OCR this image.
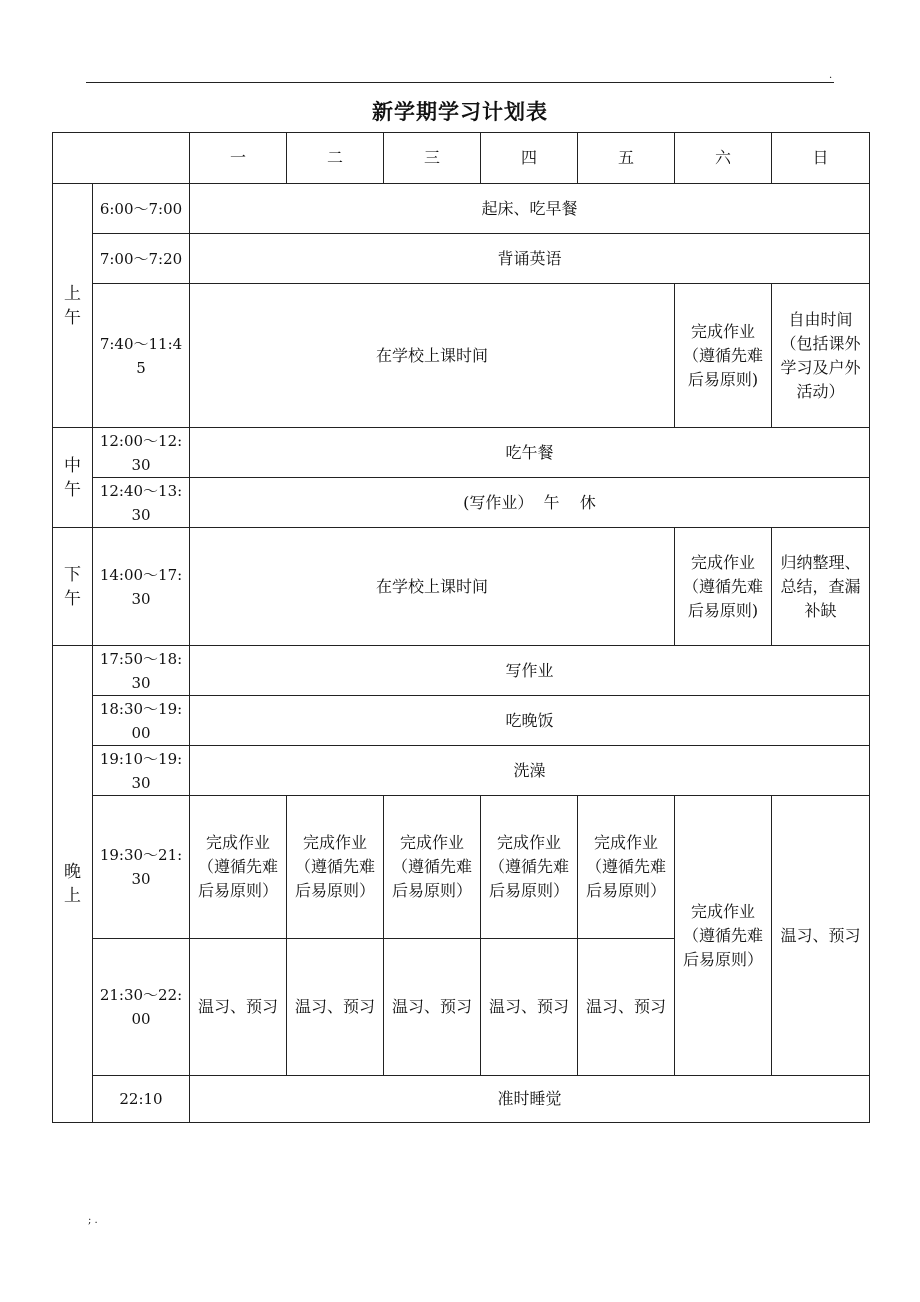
.
新学期学习计划表
		一	二	三	四	五	六	日
上午	6:00～7:00	起床、吃早餐						
	7:00～7:20	背诵英语						
	7:40～11:45	在学校上课时间					完成作业（遵循先难后易原则)	自由时间（包括课外学习及户外活动）
中午	12:00～12:30	吃午餐						
	12:40～13:30	(写作业）  午    休						
下午	14:00～17:30	在学校上课时间					完成作业（遵循先难后易原则)	归纳整理、总结，查漏补缺
晚上	17:50～18:30	写作业						
	18:30～19:00	吃晚饭						
	19:10～19:30	洗澡						
	19:30～21:30	完成作业（遵循先难后易原则）	完成作业（遵循先难后易原则）	完成作业（遵循先难后易原则）	完成作业（遵循先难后易原则）	完成作业（遵循先难后易原则）	完成作业（遵循先难后易原则）	温习、预习
	21:30～22:00	温习、预习	温习、预习	温习、预习	温习、预习	温习、预习		
	22:10	准时睡觉						
; .
